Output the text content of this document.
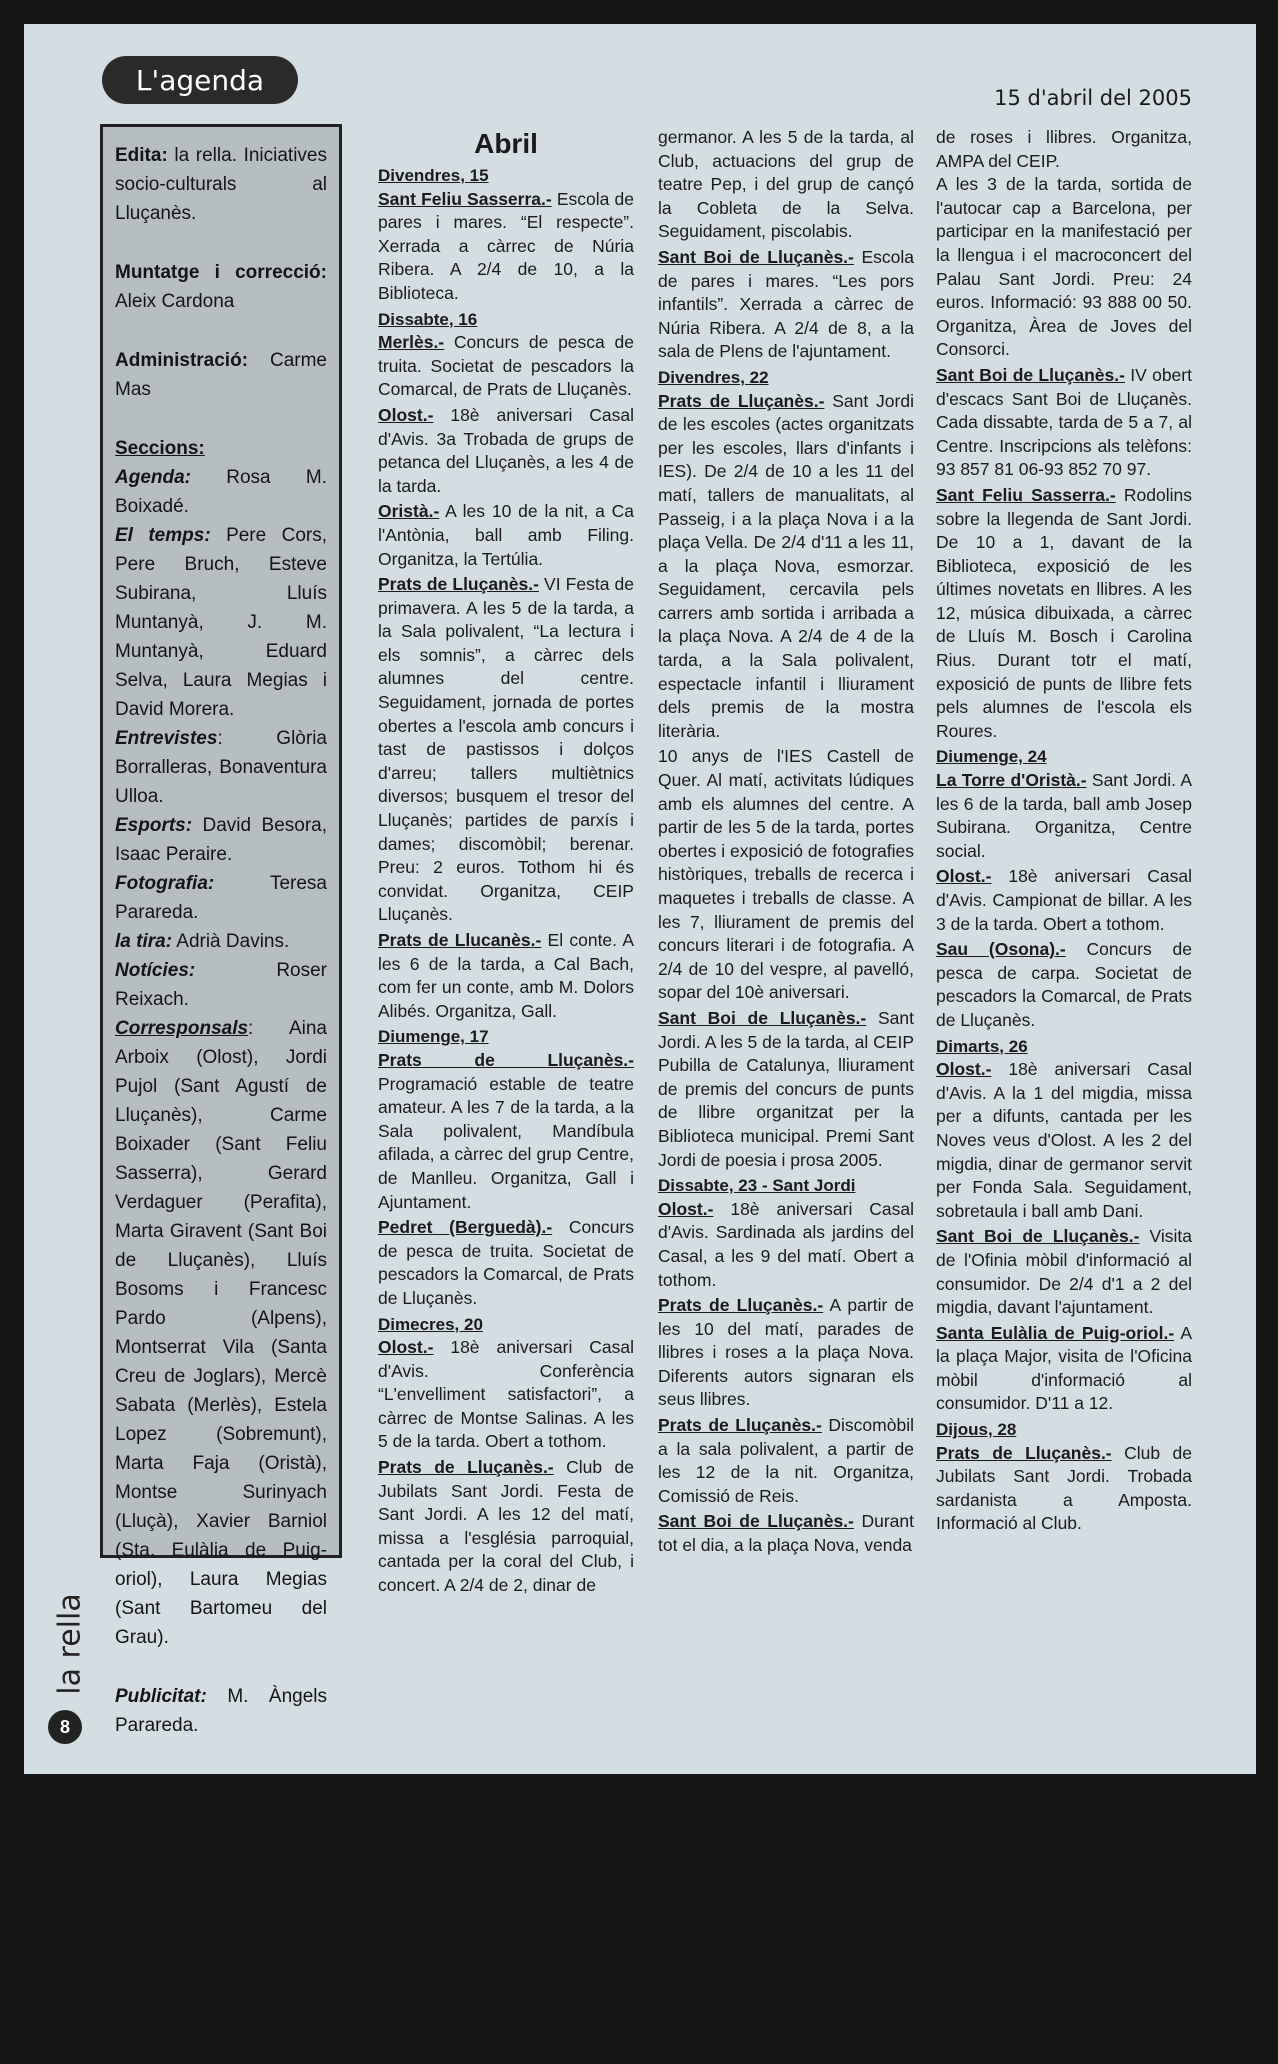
L'agenda
15 d'abril del 2005

Edita: la rella. Iniciatives socio-culturals al Lluçanès.

Muntatge i correcció: Aleix Cardona

Administració: Carme Mas

Seccions:

Agenda: Rosa M. Boixadé.

El temps: Pere Cors, Pere Bruch, Esteve Subirana, Lluís Muntanyà, J. M. Muntanyà, Eduard Selva, Laura Megias i David Morera.

Entrevistes: Glòria Borralleras, Bonaventura Ulloa.

Esports: David Besora, Isaac Peraire.

Fotografia:	Teresa Parareda.

la tira: Adrià Davins.

Notícies:	Roser Reixach.

Corresponsals: Aina Arboix (Olost), Jordi Pujol (Sant Agustí de Lluçanès), Carme Boixader (Sant Feliu Sasserra), Gerard Verdaguer (Perafita), Marta Giravent (Sant Boi de Lluçanès), Lluís Bosoms i Francesc Pardo (Alpens), Montserrat Vila (Santa Creu de Joglars), Mercè Sabata (Merlès), Estela Lopez (Sobremunt), Marta Faja (Oristà), Montse Surinyach (Lluçà), Xavier Barniol (Sta. Eulàlia de Puig-oriol), Laura Megias (Sant Bartomeu del Grau).

Publicitat: M. Àngels Parareda.

Imprimeix: winihard gràfics S.L. (Moià)

Dipòsit Legal: B-31.541-2001
Major, 51, baixos
08513-Prats de Lluçanès
T. i F.: 93 850 82 81
A/e: solc@pangea.org
la rella
8
Abril

Divendres, 15

Sant Feliu Sasserra.- Escola de pares i mares. “El respecte”. Xerrada a càrrec de Núria Ribera. A 2/4 de 10, a la Biblioteca.

Dissabte, 16

Merlès.- Concurs de pesca de truita. Societat de pescadors la Comarcal, de Prats de Lluçanès.

Olost.- 18è aniversari Casal d'Avis. 3a Trobada de grups de petanca del Lluçanès, a les 4 de la tarda.

Oristà.- A les 10 de la nit, a Ca l'Antònia, ball amb Filing. Organitza, la Tertúlia.

Prats de Lluçanès.- VI Festa de primavera. A les 5 de la tarda, a la Sala polivalent, “La lectura i els somnis”, a càrrec dels alumnes del centre. Seguidament, jornada de portes obertes a l'escola amb concurs i tast de pastissos i dolços d'arreu; tallers multiètnics diversos; busquem el tresor del Lluçanès; partides de parxís i dames; discomòbil; berenar. Preu: 2 euros. Tothom hi és convidat. Organitza, CEIP Lluçanès.

Prats de Llucanès.- El conte. A les 6 de la tarda, a Cal Bach, com fer un conte, amb M. Dolors Alibés. Organitza, Gall.

Diumenge, 17

Prats de Lluçanès.- Programació estable de teatre amateur. A les 7 de la tarda, a la Sala polivalent, Mandíbula afilada, a càrrec del grup Centre, de Manlleu. Organitza, Gall i Ajuntament.

Pedret (Berguedà).- Concurs de pesca de truita. Societat de pescadors la Comarcal, de Prats de Lluçanès.

Dimecres, 20

Olost.- 18è aniversari Casal d'Avis. Conferència “L'envelliment satisfactori”, a càrrec de Montse Salinas. A les 5 de la tarda. Obert a tothom.

Prats de Lluçanès.- Club de Jubilats Sant Jordi. Festa de Sant Jordi. A les 12 del matí, missa a l'església parroquial, cantada per la coral del Club, i concert. A 2/4 de 2, dinar de

germanor. A les 5 de la tarda, al Club, actuacions del grup de teatre Pep, i del grup de cançó la Cobleta de la Selva. Seguidament, piscolabis.

Sant Boi de Lluçanès.- Escola de pares i mares. “Les pors infantils”. Xerrada a càrrec de Núria Ribera. A 2/4 de 8, a la sala de Plens de l'ajuntament.

Divendres, 22

Prats de Lluçanès.- Sant Jordi de les escoles (actes organitzats per les escoles, llars d'infants i IES). De 2/4 de 10 a les 11 del matí, tallers de manualitats, al Passeig, i a la plaça Nova i a la plaça Vella. De 2/4 d'11 a les 11, a la plaça Nova, esmorzar. Seguidament, cercavila pels carrers amb sortida i arribada a la plaça Nova. A 2/4 de 4 de la tarda, a la Sala polivalent, espectacle infantil i lliurament dels premis de la mostra literària.

10 anys de l'IES Castell de Quer. Al matí, activitats lúdiques amb els alumnes del centre. A partir de les 5 de la tarda, portes obertes i exposició de fotografies històriques, treballs de recerca i maquetes i treballs de classe. A les 7, lliurament de premis del concurs literari i de fotografia. A 2/4 de 10 del vespre, al pavelló, sopar del 10è aniversari.

Sant Boi de Lluçanès.- Sant Jordi. A les 5 de la tarda, al CEIP Pubilla de Catalunya, lliurament de premis del concurs de punts de llibre organitzat per la Biblioteca municipal. Premi Sant Jordi de poesia i prosa 2005.

Dissabte, 23 - Sant Jordi

Olost.- 18è aniversari Casal d'Avis. Sardinada als jardins del Casal, a les 9 del matí. Obert a tothom.

Prats de Lluçanès.- A partir de les 10 del matí, parades de llibres i roses a la plaça Nova. Diferents autors signaran els seus llibres.

Prats de Lluçanès.- Discomòbil a la sala polivalent, a partir de les 12 de la nit. Organitza, Comissió de Reis.

Sant Boi de Lluçanès.- Durant tot el dia, a la plaça Nova, venda

de roses i llibres. Organitza, AMPA del CEIP.

A les 3 de la tarda, sortida de l'autocar cap a Barcelona, per participar en la manifestació per la llengua i el macroconcert del Palau Sant Jordi. Preu: 24 euros. Informació: 93 888 00 50. Organitza, Àrea de Joves del Consorci.

Sant Boi de Lluçanès.- IV obert d'escacs Sant Boi de Lluçanès. Cada dissabte, tarda de 5 a 7, al Centre. Inscripcions als telèfons: 93 857 81 06-93 852 70 97.

Sant Feliu Sasserra.- Rodolins sobre la llegenda de Sant Jordi. De 10 a 1, davant de la Biblioteca, exposició de les últimes novetats en llibres. A les 12, música dibuixada, a càrrec de Lluís M. Bosch i Carolina Rius. Durant totr el matí, exposició de punts de llibre fets pels alumnes de l'escola els Roures.

Diumenge, 24

La Torre d'Oristà.- Sant Jordi. A les 6 de la tarda, ball amb Josep Subirana. Organitza, Centre social.

Olost.- 18è aniversari Casal d'Avis. Campionat de billar. A les 3 de la tarda. Obert a tothom.

Sau (Osona).- Concurs de pesca de carpa. Societat de pescadors la Comarcal, de Prats de Lluçanès.

Dimarts, 26

Olost.- 18è aniversari Casal d'Avis. A la 1 del migdia, missa per a difunts, cantada per les Noves veus d'Olost. A les 2 del migdia, dinar de germanor servit per Fonda Sala. Seguidament, sobretaula i ball amb Dani.

Sant Boi de Lluçanès.- Visita de l'Ofinia mòbil d'informació al consumidor. De 2/4 d'1 a 2 del migdia, davant l'ajuntament.

Santa Eulàlia de Puig-oriol.- A la plaça Major, visita de l'Oficina mòbil d'informació al consumidor. D'11 a 12.

Dijous, 28

Prats de Lluçanès.- Club de Jubilats Sant Jordi. Trobada sardanista a Amposta. Informació al Club.
